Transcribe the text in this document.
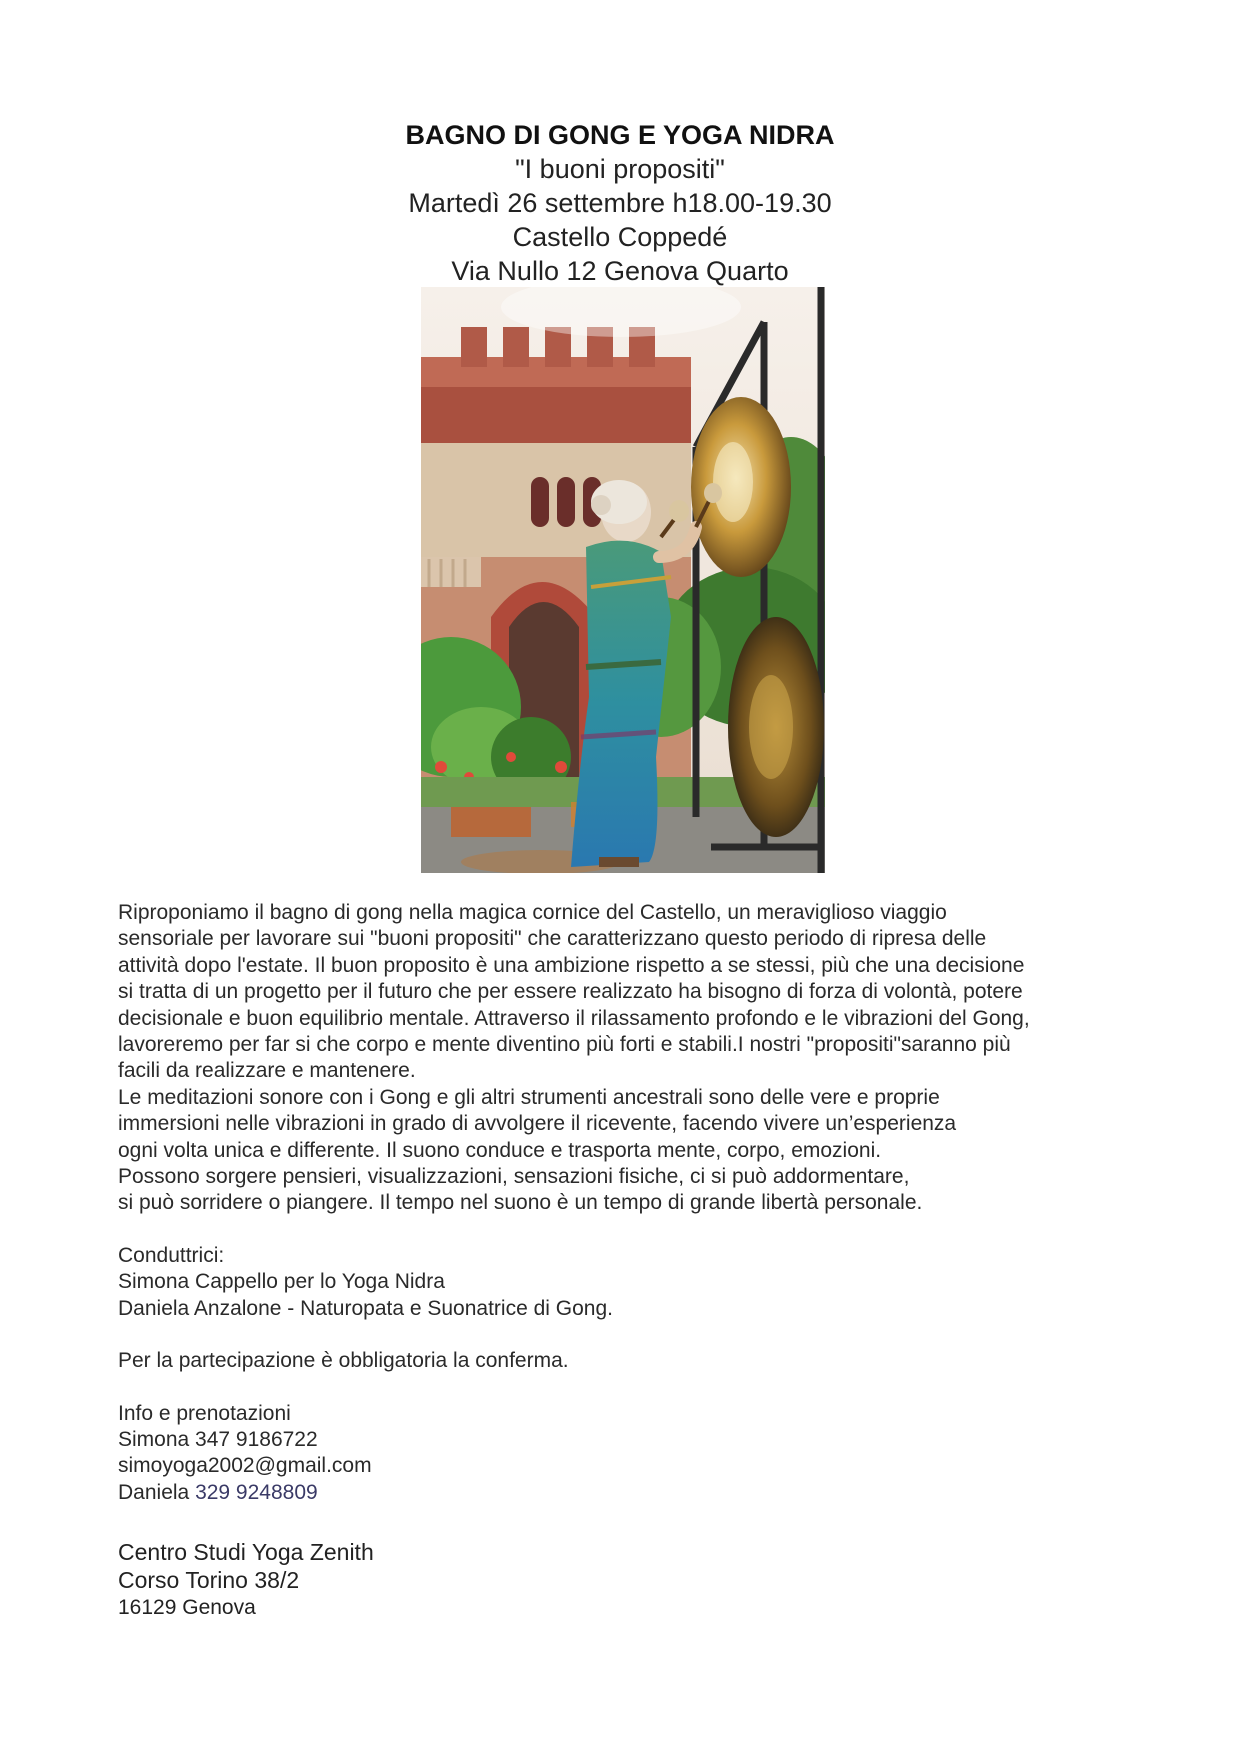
BAGNO DI GONG E YOGA NIDRA
"I buoni propositi"
Martedì 26 settembre h18.00-19.30
Castello Coppedé
Via Nullo 12 Genova Quarto

Riproponiamo il bagno di gong nella magica cornice del Castello, un meraviglioso viaggio

sensoriale per lavorare sui "buoni propositi" che caratterizzano questo periodo di ripresa delle

attività dopo l'estate. Il buon proposito è una ambizione rispetto a se stessi, più che una decisione

si tratta di un progetto per il futuro che per essere realizzato ha bisogno di forza di volontà, potere

decisionale e buon equilibrio mentale. Attraverso il rilassamento profondo e le vibrazioni del Gong,

lavoreremo per far si che corpo e mente diventino più forti e stabili.I nostri "propositi"saranno più

facili da realizzare e mantenere.

Le meditazioni sonore con i Gong e gli altri strumenti ancestrali sono delle vere e proprie

immersioni nelle vibrazioni in grado di avvolgere il ricevente, facendo vivere un’esperienza

ogni volta unica e differente. Il suono conduce e trasporta mente, corpo, emozioni.

Possono sorgere pensieri, visualizzazioni, sensazioni fisiche, ci si può addormentare,

si può sorridere o piangere. Il tempo nel suono è un tempo di grande libertà personale.

Conduttrici:

Simona Cappello per lo Yoga Nidra

Daniela Anzalone - Naturopata e Suonatrice di Gong.

Per la partecipazione è obbligatoria la conferma.

Info e prenotazioni

Simona 347 9186722

simoyoga2002@gmail.com

Daniela 329 9248809

Centro Studi Yoga Zenith
Corso Torino 38/2
16129 Genova
